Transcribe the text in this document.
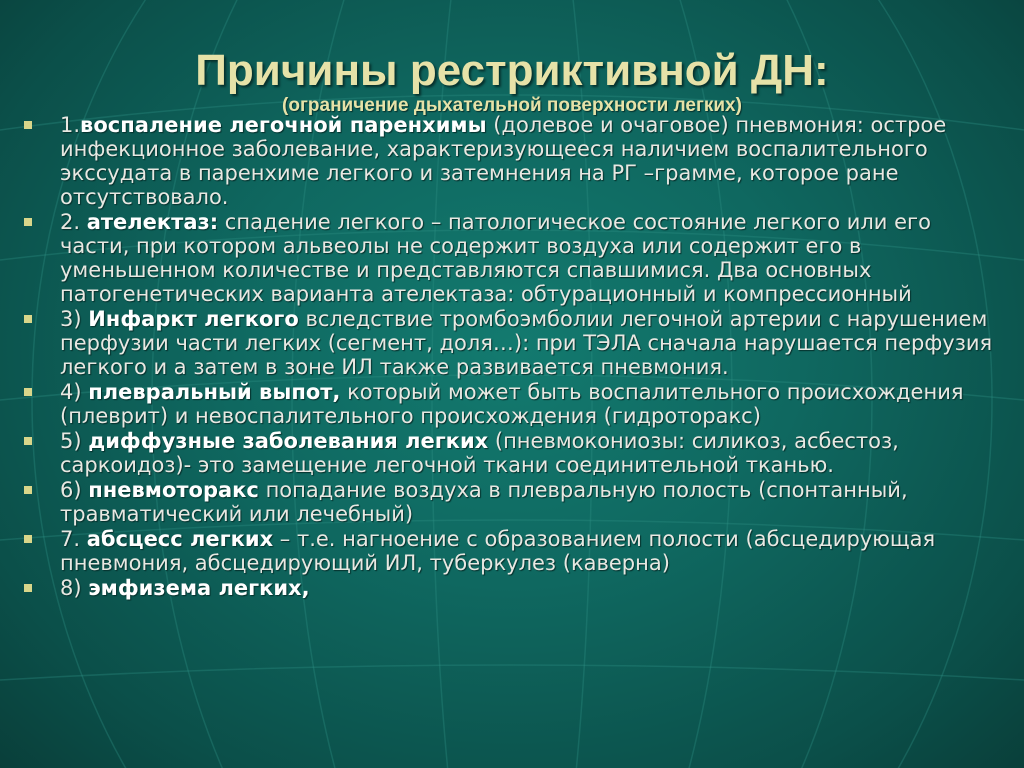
Причины рестриктивной ДН:
(ограничение дыхательной поверхности легких)
1.воспаление легочной паренхимы (долевое и очаговое) пневмония: острое инфекционное заболевание, характеризующееся наличием воспалительного экссудата в паренхиме легкого и затемнения на РГ –грамме, которое ране отсутствовало.
2. ателектаз: спадение легкого – патологическое состояние легкого или его части, при котором альвеолы не содержит воздуха или содержит его в уменьшенном количестве и представляются спавшимися. Два основных патогенетических варианта ателектаза: обтурационный и компрессионный
3) Инфаркт легкого вследствие тромбоэмболии легочной артерии с нарушением перфузии части легких (сегмент, доля…): при ТЭЛА сначала нарушается перфузия легкого и а затем в зоне ИЛ также развивается пневмония.
4) плевральный выпот, который может быть воспалительного происхождения (плеврит) и невоспалительного происхождения (гидроторакс)
5) диффузные заболевания легких (пневмокониозы: силикоз, асбестоз, саркоидоз)- это замещение легочной ткани соединительной тканью.
6) пневмоторакс попадание воздуха в плевральную полость (спонтанный, травматический или лечебный)
7. абсцесс легких – т.е. нагноение с образованием полости (абсцедирующая пневмония, абсцедирующий ИЛ, туберкулез (каверна)
8) эмфизема легких,
